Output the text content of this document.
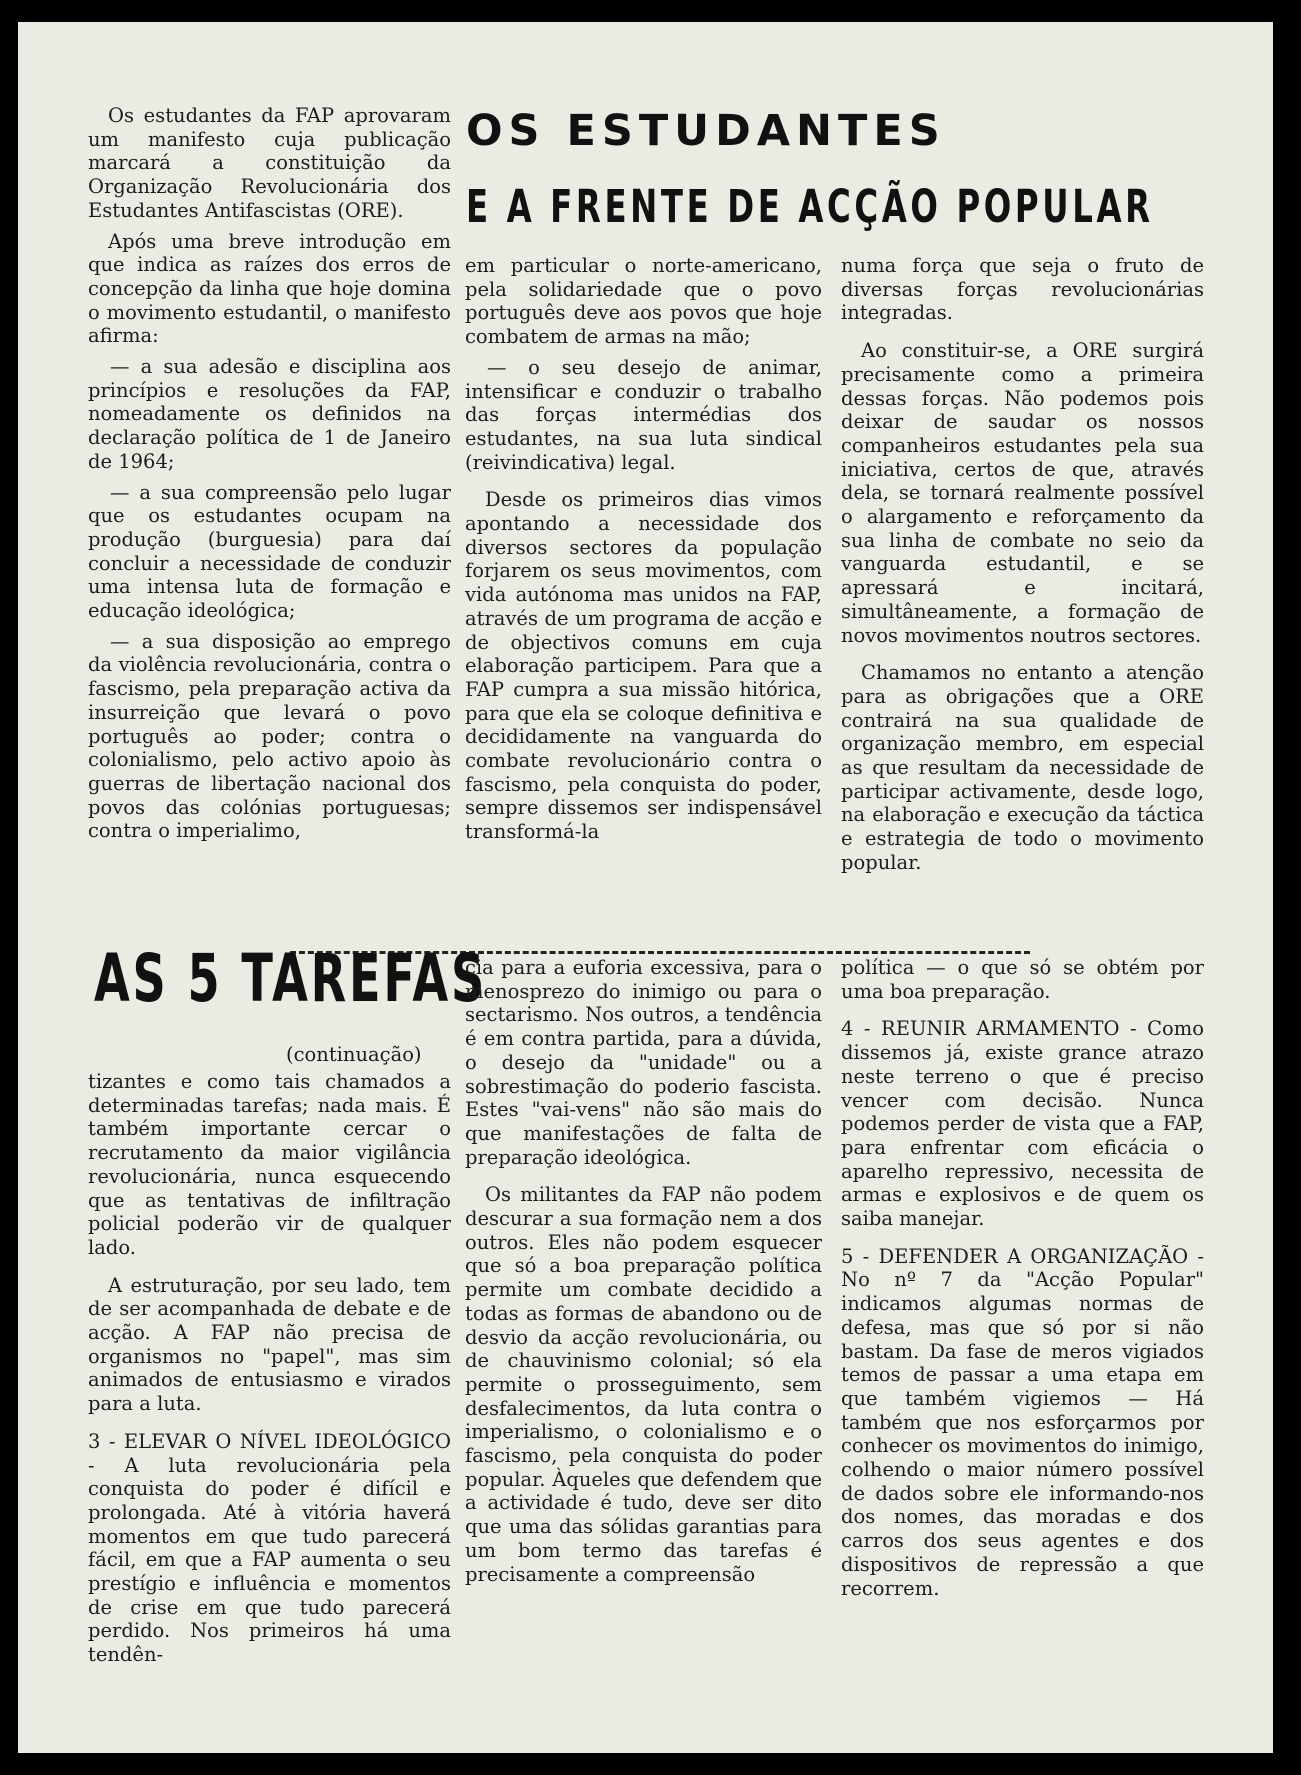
OS ESTUDANTES
E A FRENTE DE ACÇÃO POPULAR

Os estudantes da FAP aprovaram um manifesto cuja publicação marcará a constituição da Organização Revolucionária dos Estudantes Antifascistas (ORE).

Após uma breve introdução em que indica as raízes dos erros de concepção da linha que hoje domina o movimento estudantil, o manifesto afirma:

— a sua adesão e disciplina aos princípios e resoluções da FAP, nomeadamente os definidos na declaração política de 1 de Janeiro de 1964;

— a sua compreensão pelo lugar que os estudantes ocupam na produção (burguesia) para daí concluir a necessidade de conduzir uma intensa luta de formação e educação ideológica;

— a sua disposição ao emprego da violência revolucionária, contra o fascismo, pela preparação activa da insurreição que levará o povo português ao poder; contra o colonialismo, pelo activo apoio às guerras de libertação nacional dos povos das colónias portuguesas; contra o imperialimo,

em particular o norte-americano, pela solidariedade que o povo português deve aos povos que hoje combatem de armas na mão;

— o seu desejo de animar, intensificar e conduzir o trabalho das forças intermédias dos estudantes, na sua luta sindical (reivindicativa) legal.

Desde os primeiros dias vimos apontando a necessidade dos diversos sectores da população forjarem os seus movimentos, com vida autónoma mas unidos na FAP, através de um programa de acção e de objectivos comuns em cuja elaboração participem. Para que a FAP cumpra a sua missão hitórica, para que ela se coloque definitiva e decididamente na vanguarda do combate revolucionário contra o fascismo, pela conquista do poder, sempre dissemos ser indispensável transformá-la

numa força que seja o fruto de diversas forças revolucionárias integradas.

Ao constituir-se, a ORE surgirá precisamente como a primeira dessas forças. Não podemos pois deixar de saudar os nossos companheiros estudantes pela sua iniciativa, certos de que, através dela, se tornará realmente possível o alargamento e reforçamento da sua linha de combate no seio da vanguarda estudantil, e se apressará e incitará, simultâneamente, a formação de novos movimentos noutros sectores.

Chamamos no entanto a atenção para as obrigações que a ORE contrairá na sua qualidade de organização membro, em especial as que resultam da necessidade de participar activamente, desde logo, na elaboração e execução da táctica e estrategia de todo o movimento popular.

AS 5 TAREFAS
(continuação)

tizantes e como tais chamados a determinadas tarefas; nada mais. É também importante cercar o recrutamento da maior vigilância revolucionária, nunca esquecendo que as tentativas de infiltração policial poderão vir de qualquer lado.

A estruturação, por seu lado, tem de ser acompanhada de debate e de acção. A FAP não precisa de organismos no "papel", mas sim animados de entusiasmo e virados para a luta.

3 - ELEVAR O NÍVEL IDEOLÓGICO - A luta revolucionária pela conquista do poder é difícil e prolongada. Até à vitória haverá momentos em que tudo parecerá fácil, em que a FAP aumenta o seu prestígio e influência e momentos de crise em que tudo parecerá perdido. Nos primeiros há uma tendên-

cia para a euforia excessiva, para o menosprezo do inimigo ou para o sectarismo. Nos outros, a tendência é em contra partida, para a dúvida, o desejo da "unidade" ou a sobrestimação do poderio fascista. Estes "vai-vens" não são mais do que manifestações de falta de preparação ideológica.

Os militantes da FAP não podem descurar a sua formação nem a dos outros. Eles não podem esquecer que só a boa preparação política permite um combate decidido a todas as formas de abandono ou de desvio da acção revolucionária, ou de chauvinismo colonial; só ela permite o prosseguimento, sem desfalecimentos, da luta contra o imperialismo, o colonialismo e o fascismo, pela conquista do poder popular. Àqueles que defendem que a actividade é tudo, deve ser dito que uma das sólidas garantias para um bom termo das tarefas é precisamente a compreensão

política — o que só se obtém por uma boa preparação.

4 - REUNIR ARMAMENTO - Como dissemos já, existe grance atrazo neste terreno o que é preciso vencer com decisão. Nunca podemos perder de vista que a FAP, para enfrentar com eficácia o aparelho repressivo, necessita de armas e explosivos e de quem os saiba manejar.

5 - DEFENDER A ORGANIZAÇÃO - No nº 7 da "Acção Popular" indicamos algumas normas de defesa, mas que só por si não bastam. Da fase de meros vigiados temos de passar a uma etapa em que também vigiemos — Há também que nos esforçarmos por conhecer os movimentos do inimigo, colhendo o maior número possível de dados sobre ele informando-nos dos nomes, das moradas e dos carros dos seus agentes e dos dispositivos de repressão a que recorrem.
